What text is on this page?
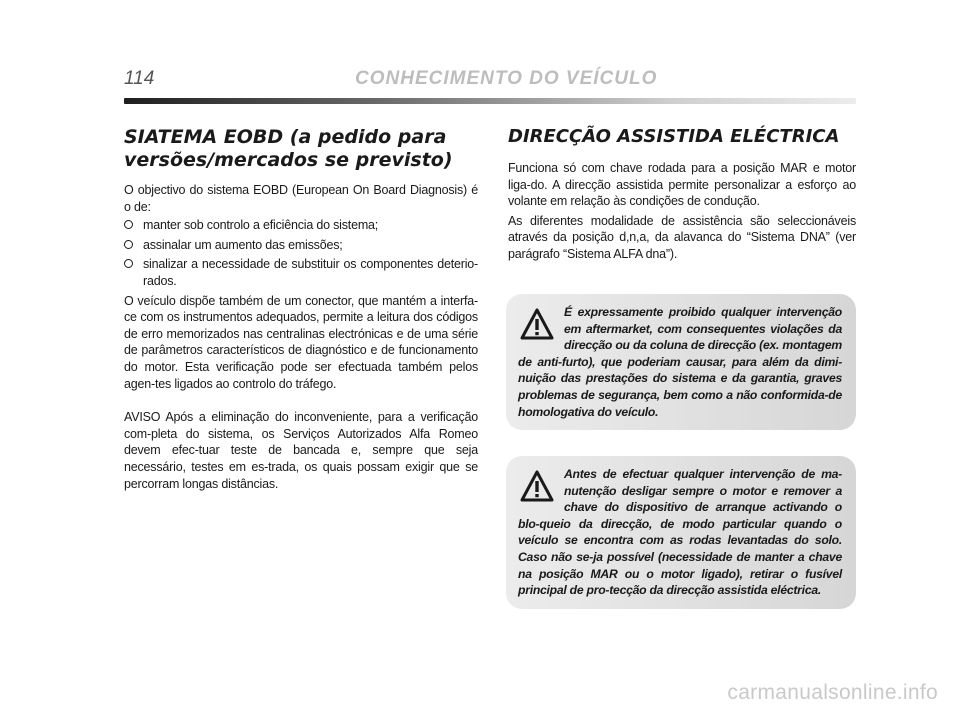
114	CONHECIMENTO DO VEÍCULO
SIATEMA EOBD (a pedido para versões/mercados se previsto)

O objectivo do sistema EOBD (European On Board Diagnosis) é o de:

manter sob controlo a eficiência do sistema;
assinalar um aumento das emissões;
sinalizar a necessidade de substituir os componentes deterio-rados.

O veículo dispõe também de um conector, que mantém a interfa-ce com os instrumentos adequados, permite a leitura dos códigos de erro memorizados nas centralinas electrónicas e de uma série de parâmetros característicos de diagnóstico e de funcionamento do motor. Esta verificação pode ser efectuada também pelos agen-tes ligados ao controlo do tráfego.

AVISO Após a eliminação do inconveniente, para a verificação com-pleta do sistema, os Serviços Autorizados Alfa Romeo devem efec-tuar teste de bancada e, sempre que seja necessário, testes em es-trada, os quais possam exigir que se percorram longas distâncias.

DIRECÇÃO ASSISTIDA ELÉCTRICA

Funciona só com chave rodada para a posição MAR e motor liga-do. A direcção assistida permite personalizar a esforço ao volante em relação às condições de condução.

As diferentes modalidade de assistência são seleccionáveis através da posição d,n,a, da alavanca do “Sistema DNA” (ver parágrafo “Sistema ALFA dna”).

É expressamente proibido qualquer intervenção em aftermarket, com consequentes violações da direcção ou da coluna de direcção (ex. montagem de anti-furto), que poderiam causar, para além da dimi-nuição das prestações do sistema e da garantia, graves problemas de segurança, bem como a não conformida-de homologativa do veículo.

Antes de efectuar qualquer intervenção de ma-nutenção desligar sempre o motor e remover a chave do dispositivo de arranque activando o blo-queio da direcção, de modo particular quando o veículo se encontra com as rodas levantadas do solo. Caso não se-ja possível (necessidade de manter a chave na posição MAR ou o motor ligado), retirar o fusível principal de pro-tecção da direcção assistida eléctrica.

carmanualsonline.info
